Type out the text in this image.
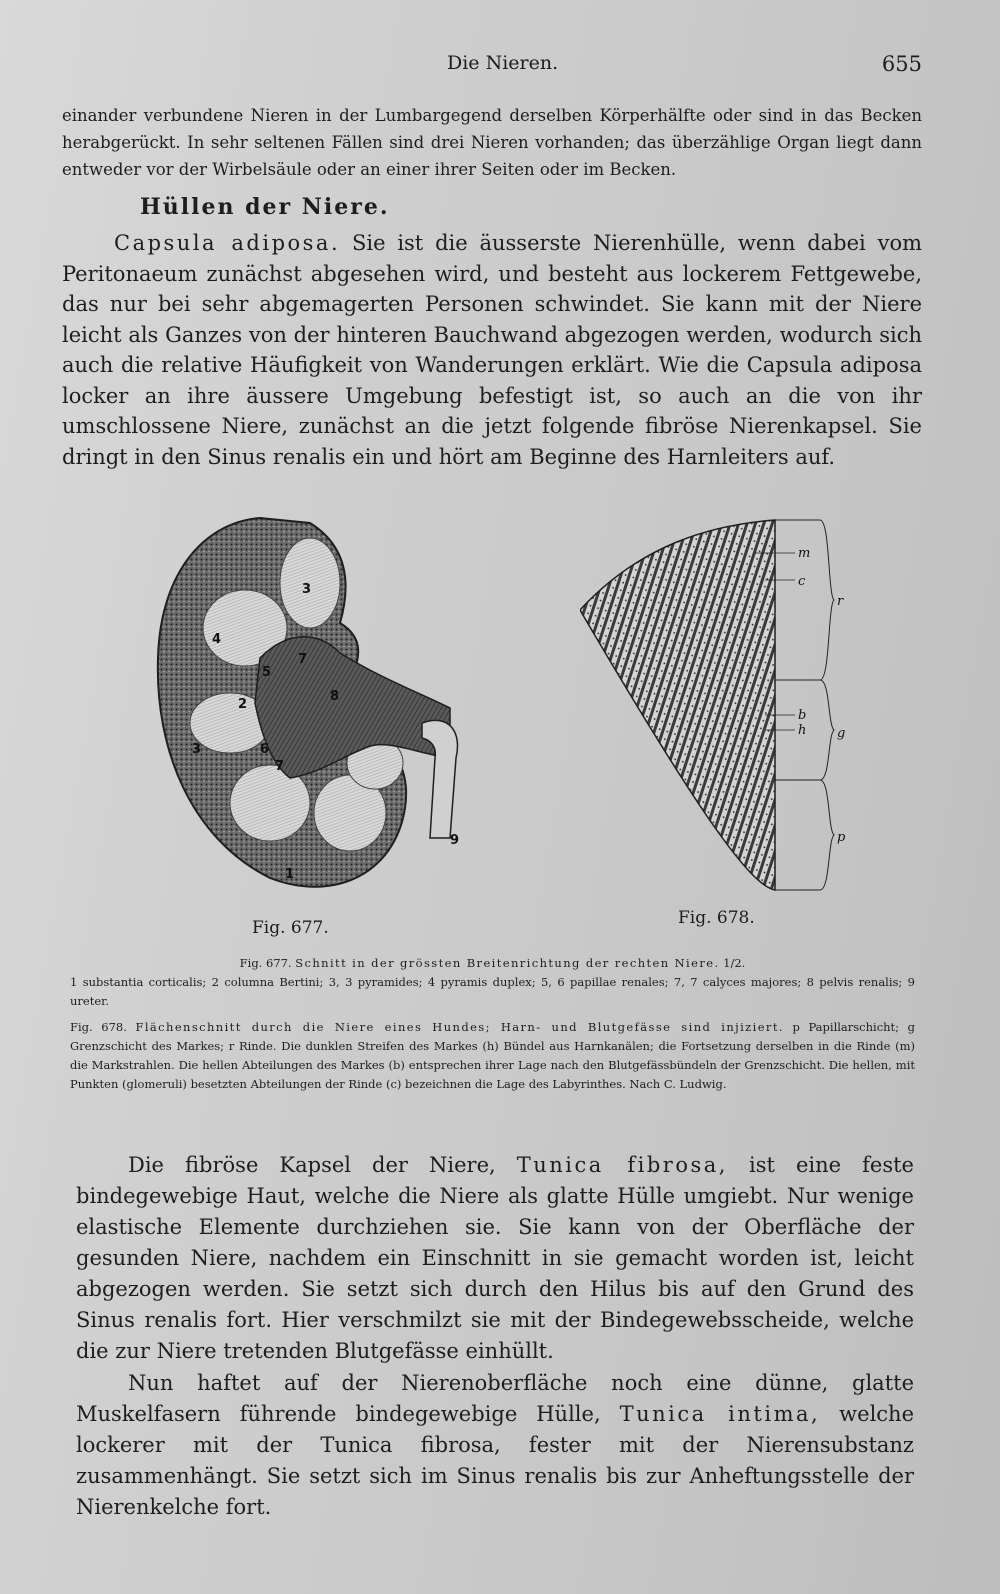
Die Nieren.	655

einander verbundene Nieren in der Lumbargegend derselben Körperhälfte oder sind in das Becken herabgerückt. In sehr seltenen Fällen sind drei Nieren vorhanden; das überzählige Organ liegt dann entweder vor der Wirbelsäule oder an einer ihrer Seiten oder im Becken.

Hüllen der Niere.

Capsula adiposa. Sie ist die äusserste Nierenhülle, wenn dabei vom Peritonaeum zunächst abgesehen wird, und besteht aus lockerem Fettgewebe, das nur bei sehr abgemagerten Personen schwindet. Sie kann mit der Niere leicht als Ganzes von der hinteren Bauchwand abgezogen werden, wodurch sich auch die relative Häufigkeit von Wanderungen erklärt. Wie die Capsula adiposa locker an ihre äussere Umgebung befestigt ist, so auch an die von ihr umschlossene Niere, zunächst an die jetzt folgende fibröse Nierenkapsel. Sie dringt in den Sinus renalis ein und hört am Beginne des Harnleiters auf.

3
4
5
7
8
2
3	6
7
1
9
Fig. 677.
m
c
r
b
h g
p
Fig. 678.

Fig. 677. Schnitt in der grössten Breitenrichtung der rechten Niere. 1/2.
1 substantia corticalis; 2 columna Bertini; 3, 3 pyramides; 4 pyramis duplex; 5, 6 papillae renales; 7, 7 calyces majores; 8 pelvis renalis; 9 ureter.

Fig. 678. Flächenschnitt durch die Niere eines Hundes; Harn- und Blutgefässe sind injiziert. p Papillarschicht; g Grenzschicht des Markes; r Rinde. Die dunklen Streifen des Markes (h) Bündel aus Harnkanälen; die Fortsetzung derselben in die Rinde (m) die Markstrahlen. Die hellen Abteilungen des Markes (b) entsprechen ihrer Lage nach den Blutgefässbündeln der Grenzschicht. Die hellen, mit Punkten (glomeruli) besetzten Abteilungen der Rinde (c) bezeichnen die Lage des Labyrinthes. Nach C. Ludwig.

Die fibröse Kapsel der Niere, Tunica fibrosa, ist eine feste bindegewebige Haut, welche die Niere als glatte Hülle umgiebt. Nur wenige elastische Elemente durchziehen sie. Sie kann von der Oberfläche der gesunden Niere, nachdem ein Einschnitt in sie gemacht worden ist, leicht abgezogen werden. Sie setzt sich durch den Hilus bis auf den Grund des Sinus renalis fort. Hier verschmilzt sie mit der Bindegewebsscheide, welche die zur Niere tretenden Blutgefässe einhüllt.

Nun haftet auf der Nierenoberfläche noch eine dünne, glatte Muskelfasern führende bindegewebige Hülle, Tunica intima, welche lockerer mit der Tunica fibrosa, fester mit der Nierensubstanz zusammenhängt. Sie setzt sich im Sinus renalis bis zur Anheftungsstelle der Nierenkelche fort.
